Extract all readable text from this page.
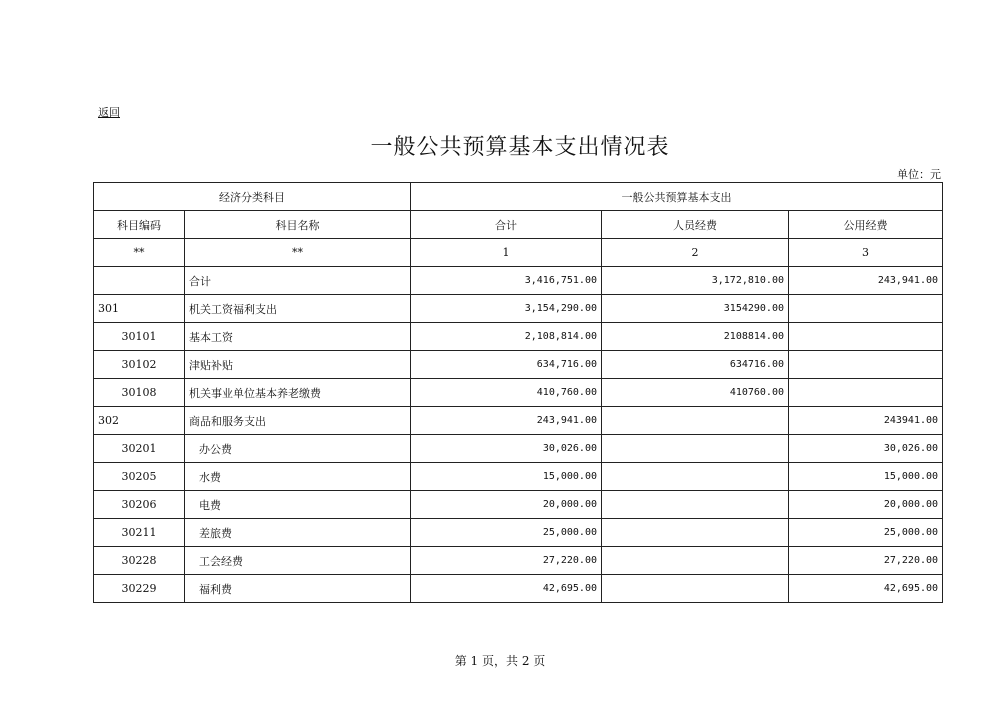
返回
一般公共预算基本支出情况表
单位：元
经济分类科目		一般公共预算基本支出		
科目编码	科目名称	合计	人员经费	公用经费
**	**	1	2	3
	合计	3,416,751.00	3,172,810.00	243,941.00
301	机关工资福利支出	3,154,290.00	3154290.00	
30101	基本工资	2,108,814.00	2108814.00	
30102	津贴补贴	634,716.00	634716.00	
30108	机关事业单位基本养老缴费	410,760.00	410760.00	
302	商品和服务支出	243,941.00		243941.00
30201	办公费	30,026.00		30,026.00
30205	水费	15,000.00		15,000.00
30206	电费	20,000.00		20,000.00
30211	差旅费	25,000.00		25,000.00
30228	工会经费	27,220.00		27,220.00
30229	福利费	42,695.00		42,695.00
第 1 页，共 2 页
